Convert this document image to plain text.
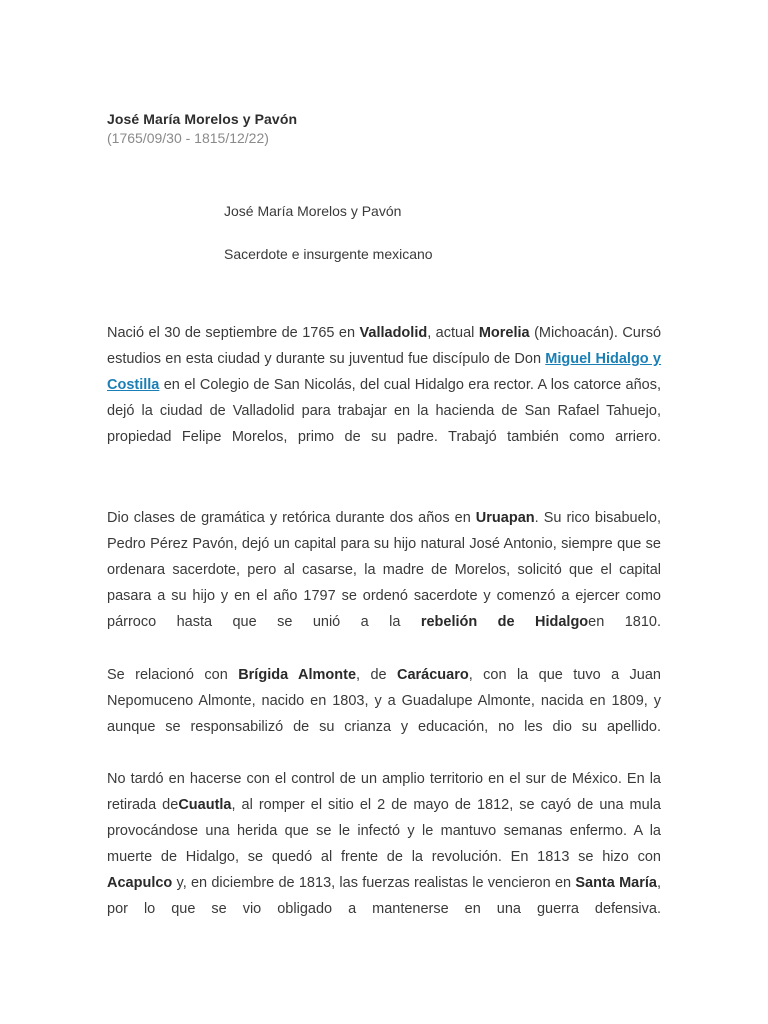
José María Morelos y Pavón
(1765/09/30 - 1815/12/22)
José María Morelos y Pavón
Sacerdote e insurgente mexicano

Nació el 30 de septiembre de 1765 en Valladolid, actual Morelia (Michoacán). Cursó estudios en esta ciudad y durante su juventud fue discípulo de Don Miguel Hidalgo y Costilla en el Colegio de San Nicolás, del cual Hidalgo era rector. A los catorce años, dejó la ciudad de Valladolid para trabajar en la hacienda de San Rafael Tahuejo, propiedad Felipe Morelos, primo de su padre. Trabajó también como arriero.

Dio clases de gramática y retórica durante dos años en Uruapan. Su rico bisabuelo, Pedro Pérez Pavón, dejó un capital para su hijo natural José Antonio, siempre que se ordenara sacerdote, pero al casarse, la madre de Morelos, solicitó que el capital pasara a su hijo y en el año 1797 se ordenó sacerdote y comenzó a ejercer como párroco hasta que se unió a la rebelión de Hidalgoen 1810.

Se relacionó con Brígida Almonte, de Carácuaro, con la que tuvo a Juan Nepomuceno Almonte, nacido en 1803, y a Guadalupe Almonte, nacida en 1809, y aunque se responsabilizó de su crianza y educación, no les dio su apellido.

No tardó en hacerse con el control de un amplio territorio en el sur de México. En la retirada deCuautla, al romper el sitio el 2 de mayo de 1812, se cayó de una mula provocándose una herida que se le infectó y le mantuvo semanas enfermo. A la muerte de Hidalgo, se quedó al frente de la revolución. En 1813 se hizo con Acapulco y, en diciembre de 1813, las fuerzas realistas le vencieron en Santa María, por lo que se vio obligado a mantenerse en una guerra defensiva.
